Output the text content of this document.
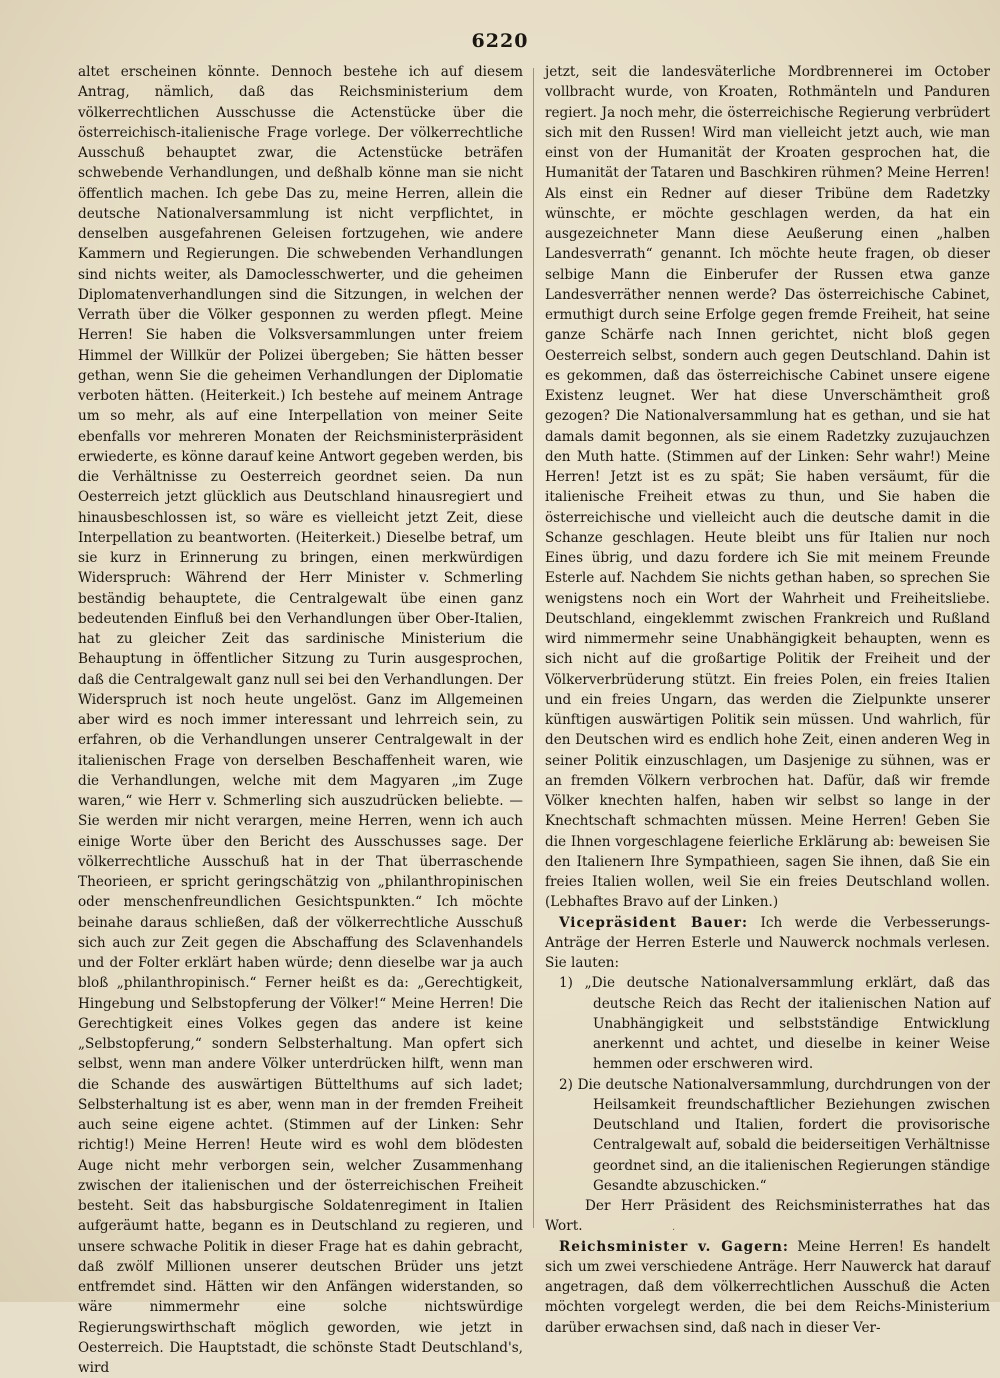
6220

altet erscheinen könnte. Dennoch bestehe ich auf diesem Antrag, nämlich, daß das Reichsministerium dem völkerrechtlichen Ausschusse die Actenstücke über die österreichisch-italienische Frage vorlege. Der völkerrechtliche Ausschuß behauptet zwar, die Actenstücke beträfen schwebende Verhandlungen, und deßhalb könne man sie nicht öffentlich machen. Ich gebe Das zu, meine Herren, allein die deutsche Nationalversammlung ist nicht verpflichtet, in denselben ausgefahrenen Geleisen fortzugehen, wie andere Kammern und Regierungen. Die schwebenden Verhandlungen sind nichts weiter, als Damoclesschwerter, und die geheimen Diplomatenverhandlungen sind die Sitzungen, in welchen der Verrath über die Völker gesponnen zu werden pflegt. Meine Herren! Sie haben die Volksversammlungen unter freiem Himmel der Willkür der Polizei übergeben; Sie hätten besser gethan, wenn Sie die geheimen Verhandlungen der Diplomatie verboten hätten. (Heiterkeit.) Ich bestehe auf meinem Antrage um so mehr, als auf eine Interpellation von meiner Seite ebenfalls vor mehreren Monaten der Reichsministerpräsident erwiederte, es könne darauf keine Antwort gegeben werden, bis die Verhältnisse zu Oesterreich geordnet seien. Da nun Oesterreich jetzt glücklich aus Deutschland hinausregiert und hinausbeschlossen ist, so wäre es vielleicht jetzt Zeit, diese Interpellation zu beantworten. (Heiterkeit.) Dieselbe betraf, um sie kurz in Erinnerung zu bringen, einen merkwürdigen Widerspruch: Während der Herr Minister v. Schmerling beständig behauptete, die Centralgewalt übe einen ganz bedeutenden Einfluß bei den Verhandlungen über Ober-Italien, hat zu gleicher Zeit das sardinische Ministerium die Behauptung in öffentlicher Sitzung zu Turin ausgesprochen, daß die Centralgewalt ganz null sei bei den Verhandlungen. Der Widerspruch ist noch heute ungelöst. Ganz im Allgemeinen aber wird es noch immer interessant und lehrreich sein, zu erfahren, ob die Verhandlungen unserer Centralgewalt in der italienischen Frage von derselben Beschaffenheit waren, wie die Verhandlungen, welche mit dem Magyaren „im Zuge waren,“ wie Herr v. Schmerling sich auszudrücken beliebte. — Sie werden mir nicht verargen, meine Herren, wenn ich auch einige Worte über den Bericht des Ausschusses sage. Der völkerrechtliche Ausschuß hat in der That überraschende Theorieen, er spricht geringschätzig von „philanthropinischen oder menschenfreundlichen Gesichtspunkten.“ Ich möchte beinahe daraus schließen, daß der völkerrechtliche Ausschuß sich auch zur Zeit gegen die Abschaffung des Sclavenhandels und der Folter erklärt haben würde; denn dieselbe war ja auch bloß „philanthropinisch.“ Ferner heißt es da: „Gerechtigkeit, Hingebung und Selbstopferung der Völker!“ Meine Herren! Die Gerechtigkeit eines Volkes gegen das andere ist keine „Selbstopferung,“ sondern Selbsterhaltung. Man opfert sich selbst, wenn man andere Völker unterdrücken hilft, wenn man die Schande des auswärtigen Büttelthums auf sich ladet; Selbsterhaltung ist es aber, wenn man in der fremden Freiheit auch seine eigene achtet. (Stimmen auf der Linken: Sehr richtig!) Meine Herren! Heute wird es wohl dem blödesten Auge nicht mehr verborgen sein, welcher Zusammenhang zwischen der italienischen und der österreichischen Freiheit besteht. Seit das habsburgische Soldatenregiment in Italien aufgeräumt hatte, begann es in Deutschland zu regieren, und unsere schwache Politik in dieser Frage hat es dahin gebracht, daß zwölf Millionen unserer deutschen Brüder uns jetzt entfremdet sind. Hätten wir den Anfängen widerstanden, so wäre nimmermehr eine solche nichtswürdige Regierungswirthschaft möglich geworden, wie jetzt in Oesterreich. Die Hauptstadt, die schönste Stadt Deutschland's, wird

jetzt, seit die landesväterliche Mordbrennerei im October vollbracht wurde, von Kroaten, Rothmänteln und Panduren regiert. Ja noch mehr, die österreichische Regierung verbrüdert sich mit den Russen! Wird man vielleicht jetzt auch, wie man einst von der Humanität der Kroaten gesprochen hat, die Humanität der Tataren und Baschkiren rühmen? Meine Herren! Als einst ein Redner auf dieser Tribüne dem Radetzky wünschte, er möchte geschlagen werden, da hat ein ausgezeichneter Mann diese Aeußerung einen „halben Landesverrath“ genannt. Ich möchte heute fragen, ob dieser selbige Mann die Einberufer der Russen etwa ganze Landesverräther nennen werde? Das österreichische Cabinet, ermuthigt durch seine Erfolge gegen fremde Freiheit, hat seine ganze Schärfe nach Innen gerichtet, nicht bloß gegen Oesterreich selbst, sondern auch gegen Deutschland. Dahin ist es gekommen, daß das österreichische Cabinet unsere eigene Existenz leugnet. Wer hat diese Unverschämtheit groß gezogen? Die Nationalversammlung hat es gethan, und sie hat damals damit begonnen, als sie einem Radetzky zuzujauchzen den Muth hatte. (Stimmen auf der Linken: Sehr wahr!) Meine Herren! Jetzt ist es zu spät; Sie haben versäumt, für die italienische Freiheit etwas zu thun, und Sie haben die österreichische und vielleicht auch die deutsche damit in die Schanze geschlagen. Heute bleibt uns für Italien nur noch Eines übrig, und dazu fordere ich Sie mit meinem Freunde Esterle auf. Nachdem Sie nichts gethan haben, so sprechen Sie wenigstens noch ein Wort der Wahrheit und Freiheitsliebe. Deutschland, eingeklemmt zwischen Frankreich und Rußland wird nimmermehr seine Unabhängigkeit behaupten, wenn es sich nicht auf die großartige Politik der Freiheit und der Völkerverbrüderung stützt. Ein freies Polen, ein freies Italien und ein freies Ungarn, das werden die Zielpunkte unserer künftigen auswärtigen Politik sein müssen. Und wahrlich, für den Deutschen wird es endlich hohe Zeit, einen anderen Weg in seiner Politik einzuschlagen, um Dasjenige zu sühnen, was er an fremden Völkern verbrochen hat. Dafür, daß wir fremde Völker knechten halfen, haben wir selbst so lange in der Knechtschaft schmachten müssen. Meine Herren! Geben Sie die Ihnen vorgeschlagene feierliche Erklärung ab: beweisen Sie den Italienern Ihre Sympathieen, sagen Sie ihnen, daß Sie ein freies Italien wollen, weil Sie ein freies Deutschland wollen. (Lebhaftes Bravo auf der Linken.)

Vicepräsident Bauer: Ich werde die Verbesserungs-Anträge der Herren Esterle und Nauwerck nochmals verlesen. Sie lauten:

1) „Die deutsche Nationalversammlung erklärt, daß das deutsche Reich das Recht der italienischen Nation auf Unabhängigkeit und selbstständige Entwicklung anerkennt und achtet, und dieselbe in keiner Weise hemmen oder erschweren wird.

2) Die deutsche Nationalversammlung, durchdrungen von der Heilsamkeit freundschaftlicher Beziehungen zwischen Deutschland und Italien, fordert die provisorische Centralgewalt auf, sobald die beiderseitigen Verhältnisse geordnet sind, an die italienischen Regierungen ständige Gesandte abzuschicken.“

Der Herr Präsident des Reichsministerrathes hat das Wort.

Reichsminister v. Gagern: Meine Herren! Es handelt sich um zwei verschiedene Anträge. Herr Nauwerck hat darauf angetragen, daß dem völkerrechtlichen Ausschuß die Acten möchten vorgelegt werden, die bei dem Reichs-Ministerium darüber erwachsen sind, daß nach in dieser Ver-

·
